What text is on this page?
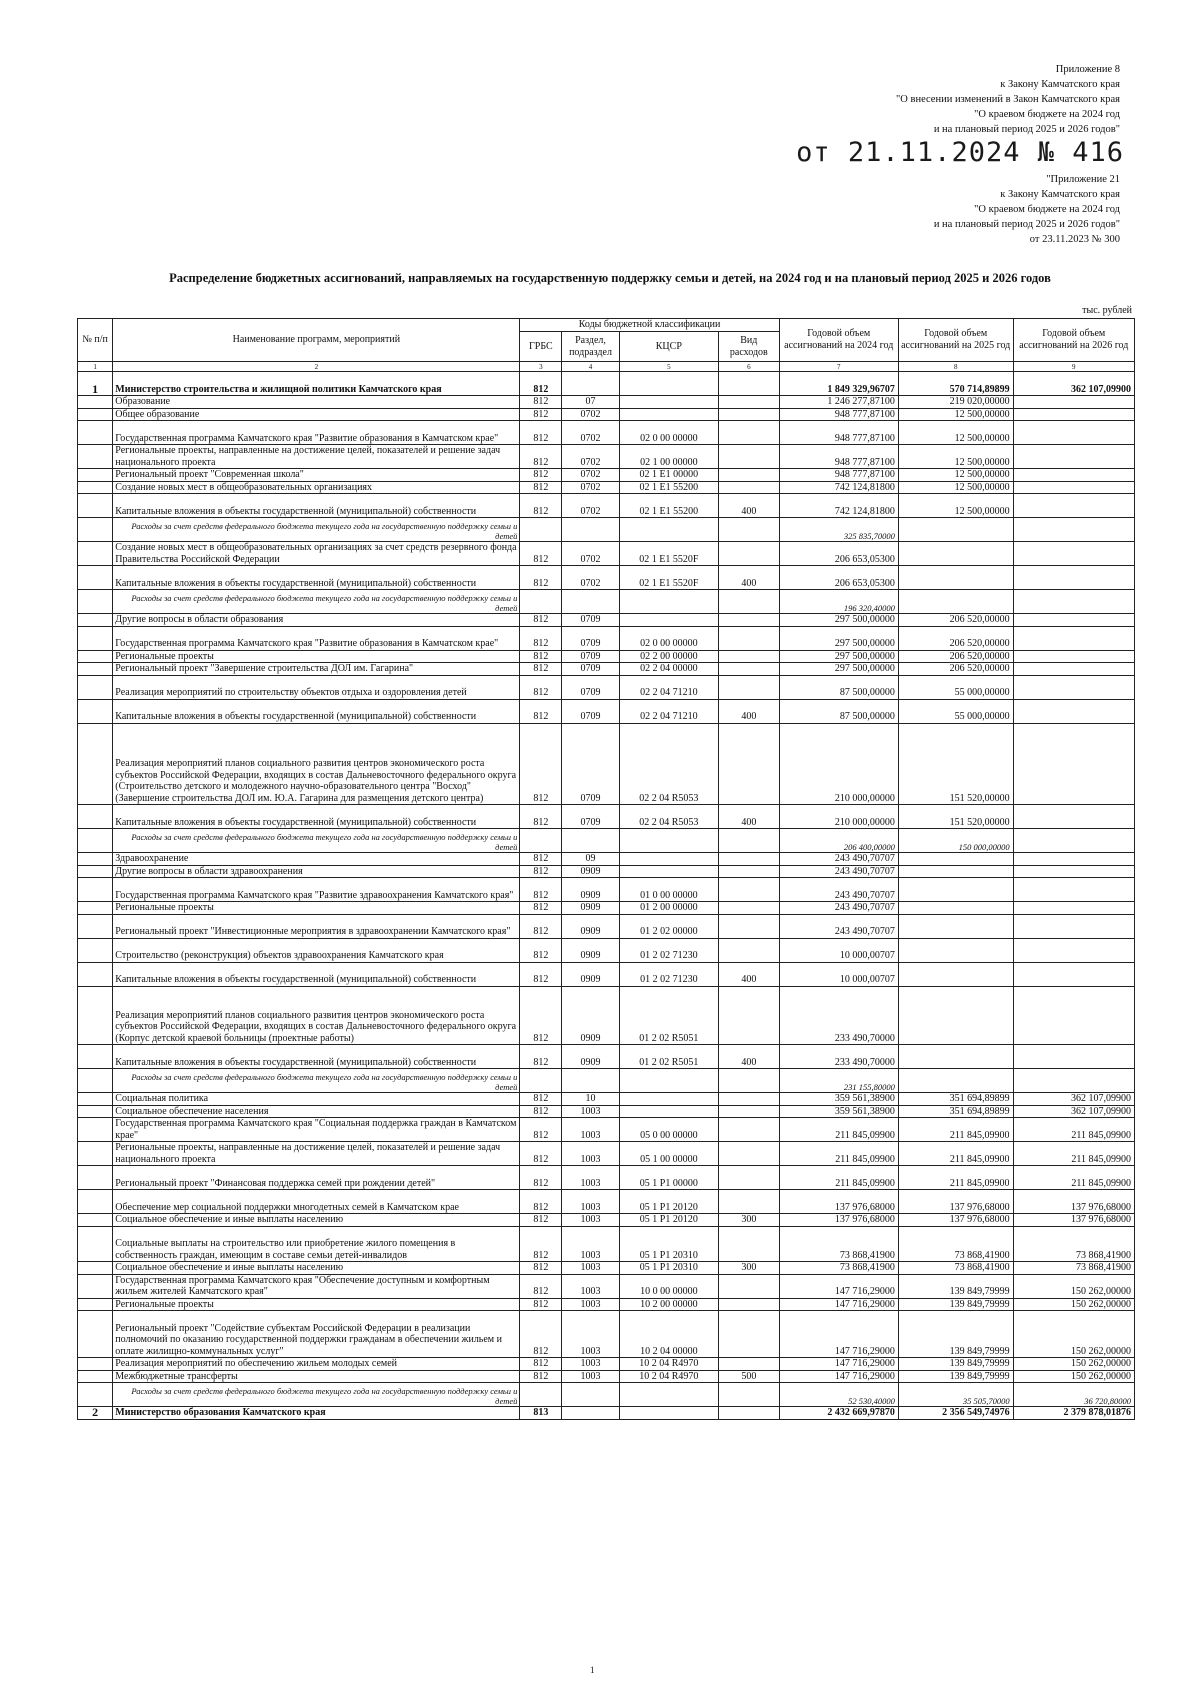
Приложение 8
к Закону Камчатского края
"О внесении изменений в Закон Камчатского края
"О краевом бюджете на 2024 год
и на плановый период 2025 и 2026 годов"
от 21.11.2024 № 416
"Приложение 21
к Закону Камчатского края
"О краевом бюджете на 2024 год
и на плановый период 2025 и 2026 годов"
от 23.11.2023 № 300
Распределение бюджетных ассигнований, направляемых на государственную поддержку семьи и детей, на 2024 год и на плановый период 2025 и 2026 годов
тыс. рублей
№ п/п	Наименование программ, мероприятий	Коды бюджетной классификации				Годовой объем ассигнований на 2024 год	Годовой объем ассигнований на 2025 год	Годовой объем ассигнований на 2026 год
		ГРБС	Раздел, подраздел	КЦСР	Вид расходов			
1	2	3	4	5	6	7	8	9
1	Министерство строительства и жилищной политики Камчатского края	812				1 849 329,96707	570 714,89899	362 107,09900
	Образование	812	07			1 246 277,87100	219 020,00000	
	Общее образование	812	0702			948 777,87100	12 500,00000	
	Государственная программа Камчатского края "Развитие образования в Камчатском крае"	812	0702	02 0 00 00000		948 777,87100	12 500,00000	
	Региональные проекты, направленные на достижение целей, показателей и решение задач национального проекта	812	0702	02 1 00 00000		948 777,87100	12 500,00000	
	Региональный проект "Современная школа"	812	0702	02 1 E1 00000		948 777,87100	12 500,00000	
	Создание новых мест в общеобразовательных организациях	812	0702	02 1 E1 55200		742 124,81800	12 500,00000	
	Капитальные вложения в объекты государственной (муниципальной) собственности	812	0702	02 1 E1 55200	400	742 124,81800	12 500,00000	
	Расходы за счет средств федерального бюджета текущего года на государственную поддержку семьи и детей					325 835,70000		
	Создание новых мест в общеобразовательных организациях за счет средств резервного фонда Правительства Российской Федерации	812	0702	02 1 E1 5520F		206 653,05300		
	Капитальные вложения в объекты государственной (муниципальной) собственности	812	0702	02 1 E1 5520F	400	206 653,05300		
	Расходы за счет средств федерального бюджета текущего года на государственную поддержку семьи и детей					196 320,40000		
	Другие вопросы в области образования	812	0709			297 500,00000	206 520,00000	
	Государственная программа Камчатского края "Развитие образования в Камчатском крае"	812	0709	02 0 00 00000		297 500,00000	206 520,00000	
	Региональные проекты	812	0709	02 2 00 00000		297 500,00000	206 520,00000	
	Региональный проект "Завершение строительства ДОЛ им. Гагарина"	812	0709	02 2 04 00000		297 500,00000	206 520,00000	
	Реализация мероприятий по строительству объектов отдыха и оздоровления детей	812	0709	02 2 04 71210		87 500,00000	55 000,00000	
	Капитальные вложения в объекты государственной (муниципальной) собственности	812	0709	02 2 04 71210	400	87 500,00000	55 000,00000	
	Реализация мероприятий планов социального развития центров экономического роста субъектов Российской Федерации, входящих в состав Дальневосточного федерального округа (Строительство детского и молодежного научно-образовательного центра "Восход" (Завершение строительства ДОЛ им. Ю.А. Гагарина для размещения детского центра)	812	0709	02 2 04 R5053		210 000,00000	151 520,00000	
	Капитальные вложения в объекты государственной (муниципальной) собственности	812	0709	02 2 04 R5053	400	210 000,00000	151 520,00000	
	Расходы за счет средств федерального бюджета текущего года на государственную поддержку семьи и детей					206 400,00000	150 000,00000	
	Здравоохранение	812	09			243 490,70707		
	Другие вопросы в области здравоохранения	812	0909			243 490,70707		
	Государственная программа Камчатского края "Развитие здравоохранения Камчатского края"	812	0909	01 0 00 00000		243 490,70707		
	Региональные проекты	812	0909	01 2 00 00000		243 490,70707		
	Региональный проект "Инвестиционные мероприятия в здравоохранении Камчатского края"	812	0909	01 2 02 00000		243 490,70707		
	Строительство (реконструкция) объектов здравоохранения Камчатского края	812	0909	01 2 02 71230		10 000,00707		
	Капитальные вложения в объекты государственной (муниципальной) собственности	812	0909	01 2 02 71230	400	10 000,00707		
	Реализация мероприятий планов социального развития центров экономического роста субъектов Российской Федерации, входящих в состав Дальневосточного федерального округа (Корпус детской краевой больницы (проектные работы)	812	0909	01 2 02 R5051		233 490,70000		
	Капитальные вложения в объекты государственной (муниципальной) собственности	812	0909	01 2 02 R5051	400	233 490,70000		
	Расходы за счет средств федерального бюджета текущего года на государственную поддержку семьи и детей					231 155,80000		
	Социальная политика	812	10			359 561,38900	351 694,89899	362 107,09900
	Социальное обеспечение населения	812	1003			359 561,38900	351 694,89899	362 107,09900
	Государственная программа Камчатского края "Социальная поддержка граждан в Камчатском крае"	812	1003	05 0 00 00000		211 845,09900	211 845,09900	211 845,09900
	Региональные проекты, направленные на достижение целей, показателей и решение задач национального проекта	812	1003	05 1 00 00000		211 845,09900	211 845,09900	211 845,09900
	Региональный проект "Финансовая поддержка семей при рождении детей"	812	1003	05 1 P1 00000		211 845,09900	211 845,09900	211 845,09900
	Обеспечение мер социальной поддержки многодетных семей в Камчатском крае	812	1003	05 1 P1 20120		137 976,68000	137 976,68000	137 976,68000
	Социальное обеспечение и иные выплаты населению	812	1003	05 1 P1 20120	300	137 976,68000	137 976,68000	137 976,68000
	Социальные выплаты на строительство или приобретение жилого помещения в собственность граждан, имеющим в составе семьи детей-инвалидов	812	1003	05 1 P1 20310		73 868,41900	73 868,41900	73 868,41900
	Социальное обеспечение и иные выплаты населению	812	1003	05 1 P1 20310	300	73 868,41900	73 868,41900	73 868,41900
	Государственная программа Камчатского края "Обеспечение доступным и комфортным жильем жителей Камчатского края"	812	1003	10 0 00 00000		147 716,29000	139 849,79999	150 262,00000
	Региональные проекты	812	1003	10 2 00 00000		147 716,29000	139 849,79999	150 262,00000
	Региональный проект "Содействие субъектам Российской Федерации в реализации полномочий по оказанию государственной поддержки гражданам в обеспечении жильем и оплате жилищно-коммунальных услуг"	812	1003	10 2 04 00000		147 716,29000	139 849,79999	150 262,00000
	Реализация мероприятий по обеспечению жильем молодых семей	812	1003	10 2 04 R4970		147 716,29000	139 849,79999	150 262,00000
	Межбюджетные трансферты	812	1003	10 2 04 R4970	500	147 716,29000	139 849,79999	150 262,00000
	Расходы за счет средств федерального бюджета текущего года на государственную поддержку семьи и детей					52 530,40000	35 505,70000	36 720,80000
2	Министерство образования Камчатского края	813				2 432 669,97870	2 356 549,74976	2 379 878,01876
1
